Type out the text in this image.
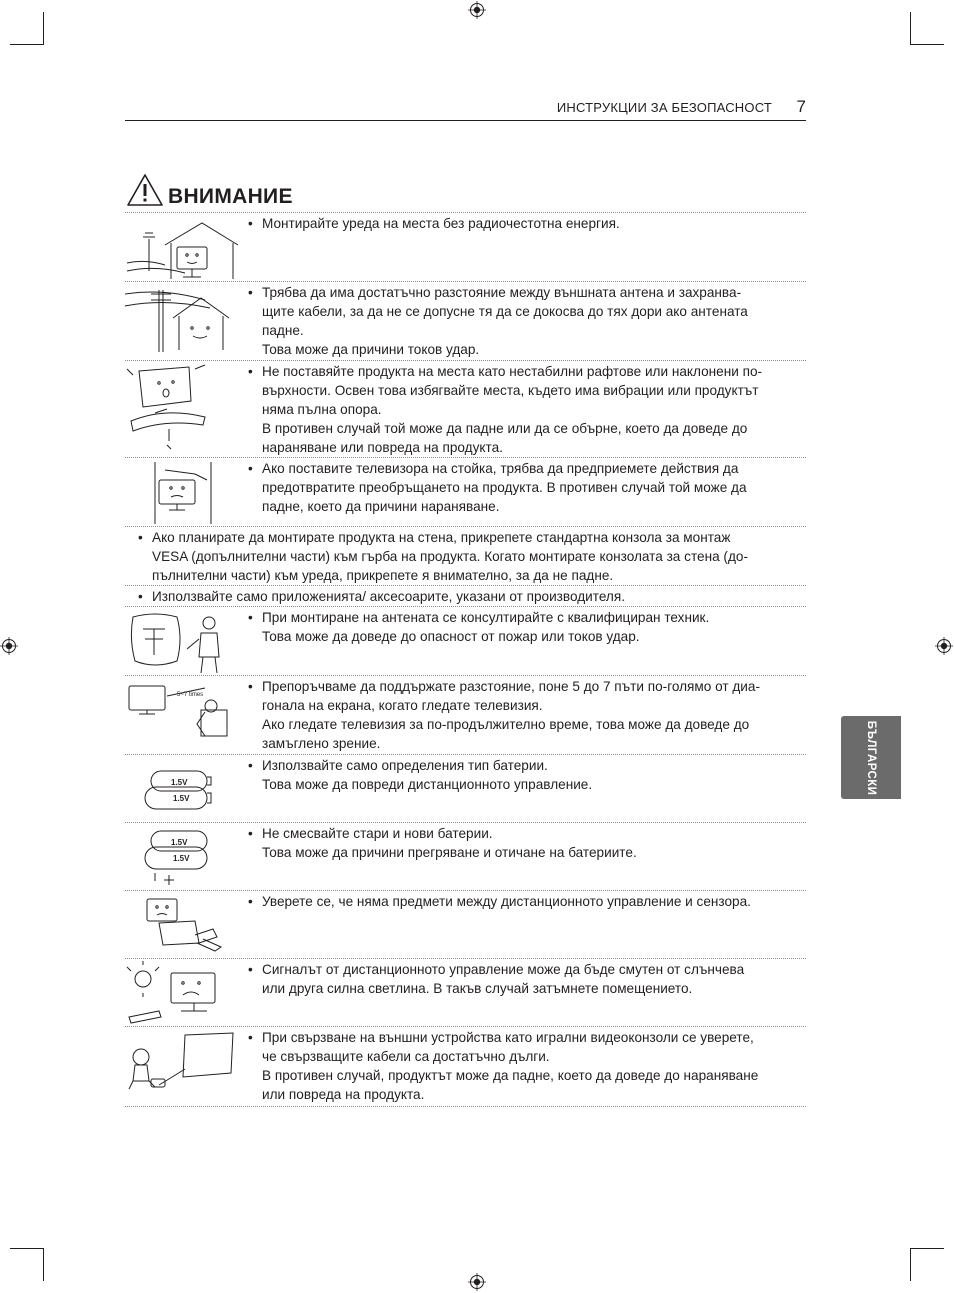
ИНСТРУКЦИИ ЗА БЕЗОПАСНОСТ 7
ВНИМАНИЕ

• Монтирайте уреда на места без радиочестотна енергия.

• Трябва да има достатъчно разстояние между външната антена и захранва-

щите кабели, за да не се допусне тя да се докосва до тях дори ако антената

падне.

Това може да причини токов удар.

• Не поставяйте продукта на места като нестабилни рафтове или наклонени по-

върхности. Освен това избягвайте места, където има вибрации или продуктът

няма пълна опора.

В противен случай той може да падне или да се обърне, което да доведе до

нараняване или повреда на продукта.

• Ако поставите телевизора на стойка, трябва да предприемете действия да

предотвратите преобръщането на продукта. В противен случай той може да

падне, което да причини нараняване.

• Ако планирате да монтирате продукта на стена, прикрепете стандартна конзола за монтаж

VESA (допълнителни части) към гърба на продукта. Когато монтирате конзолата за стена (до-

пълнителни части) към уреда, прикрепете я внимателно, за да не падне.

• Използвайте само приложенията/ аксесоарите, указани от производителя.

• При монтиране на антената се консултирайте с квалифициран техник.

Това може да доведе до опасност от пожар или токов удар.

5~7 times

• Препоръчваме да поддържате разстояние, поне 5 до 7 пъти по-голямо от диа-

гонала на екрана, когато гледате телевизия.

Ако гледате телевизия за по-продължително време, това може да доведе до

замъглено зрение.

1.5V
1.5V

• Използвайте само определения тип батерии.

Това може да повреди дистанционното управление.

1.5V
1.5V

• Не смесвайте стари и нови батерии.

Това може да причини прегряване и отичане на батериите.

• Уверете се, че няма предмети между дистанционното управление и сензора.

• Сигналът от дистанционното управление може да бъде смутен от слънчева

или друга силна светлина. В такъв случай затъмнете помещението.

• При свързване на външни устройства като игрални видеоконзоли се уверете,

че свързващите кабели са достатъчно дълги.

В противен случай, продуктът може да падне, което да доведе до нараняване

или повреда на продукта.

БЪЛГАРСКИ
